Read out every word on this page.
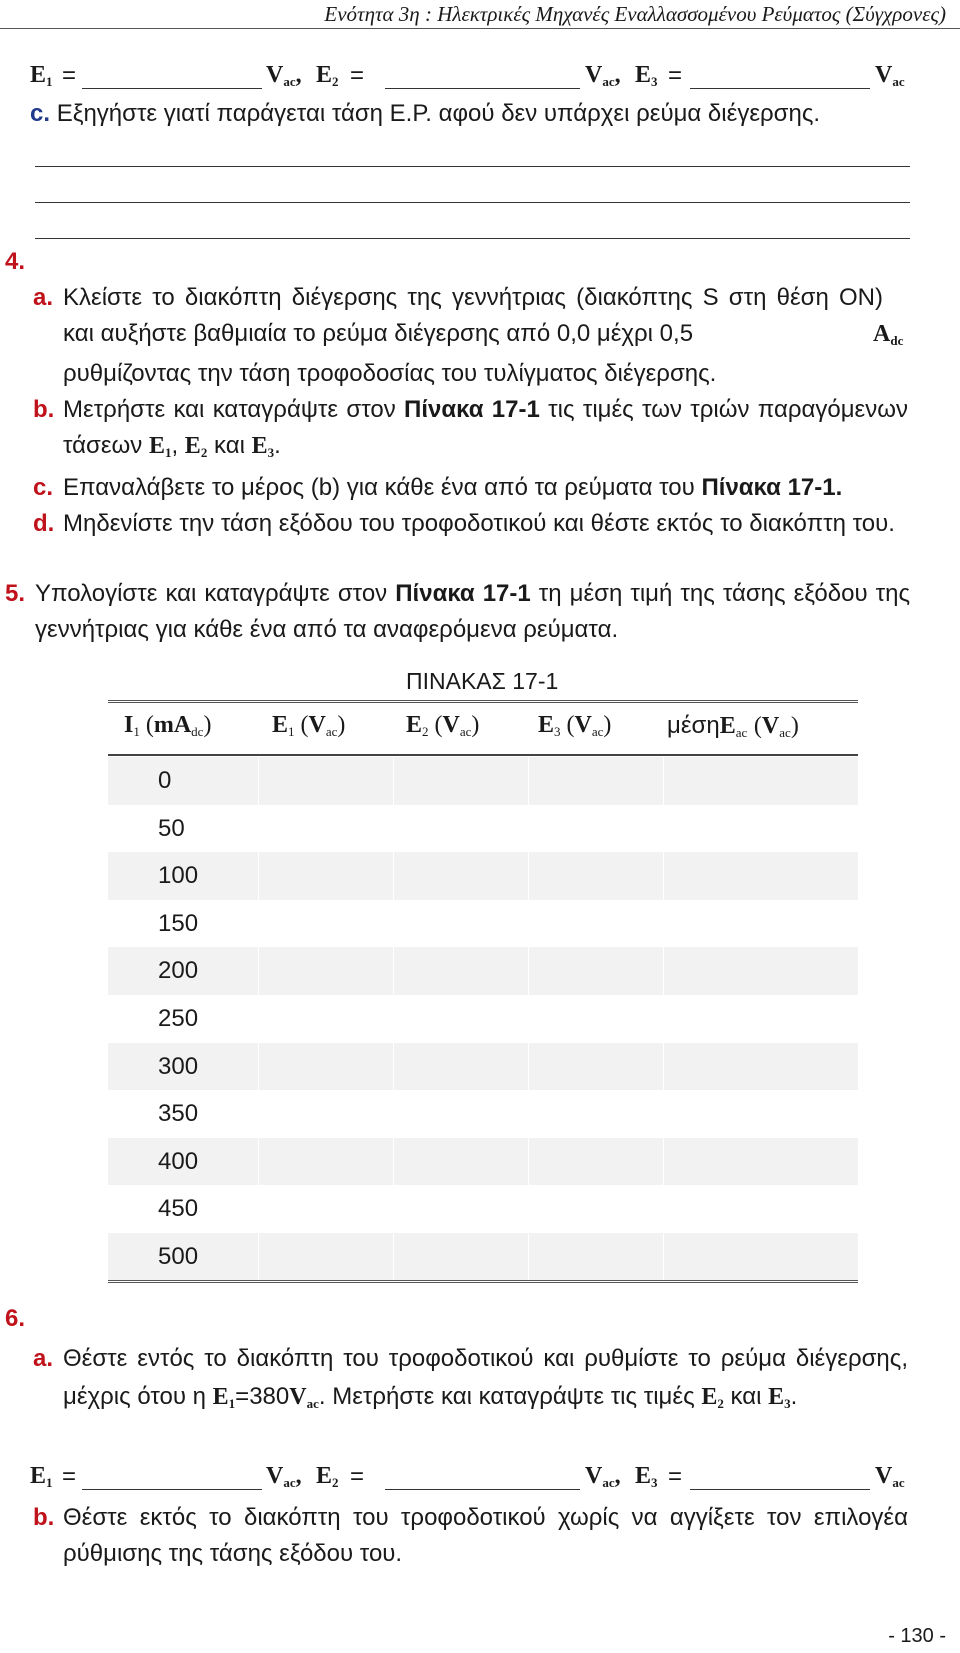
Ενότητα 3η : Ηλεκτρικές Μηχανές Εναλλασσομένου Ρεύματος (Σύγχρονες)
$E_1$ =	$V_{ac}$, $E_2$ =	$V_{ac}$, $E_3$ =	$V_{ac}$
c. Εξηγήστε γιατί παράγεται τάση Ε.Ρ. αφού δεν υπάρχει ρεύμα διέγερσης.
4.
a. Κλείστε το διακόπτη διέγερσης της γεννήτριας (διακόπτης S στη θέση ON) και αυξήστε βαθμιαία το ρεύμα διέγερσης από 0,0 μέχρι 0,5	$A_{dc}$
ρυθμίζοντας την τάση τροφοδοσίας του τυλίγματος διέγερσης.
b. Μετρήστε και καταγράψτε στον Πίνακα 17-1 τις τιμές των τριών παραγόμενων τάσεων $E_1$, $E_2$ και $E_3$.
c. Επαναλάβετε το μέρος (b) για κάθε ένα από τα ρεύματα του Πίνακα 17-1.
d. Μηδενίστε την τάση εξόδου του τροφοδοτικού και θέστε εκτός το διακόπτη του.
5. Υπολογίστε και καταγράψτε στον Πίνακα 17-1 τη μέση τιμή της τάσης εξόδου της γεννήτριας για κάθε ένα από τα αναφερόμενα ρεύματα.
ΠΙΝΑΚΑΣ 17-1
$I_1$ $(mA_{dc})$	$E_1$ $(V_{ac})$	$E_2$ $(V_{ac})$ $E_3$ $(V_{ac})$ μέσηE$_{ac}$ $(V_{ac})$
0
50
100
150
200
250
300
350
400
450
500
6.
a. Θέστε εντός το διακόπτη του τροφοδοτικού και ρυθμίστε το ρεύμα διέγερσης, μέχρις ότου η $E_1=380V_{ac}$. Μετρήστε και καταγράψτε τις τιμές $E_2$ και $E_3$.
$E_1$ =	$V_{ac}$, $E_2$ =	$V_{ac}$, $E_3$ =	$V_{ac}$
b. Θέστε εκτός το διακόπτη του τροφοδοτικού χωρίς να αγγίξετε τον επιλογέα ρύθμισης της τάσης εξόδου του.
- 130 -
